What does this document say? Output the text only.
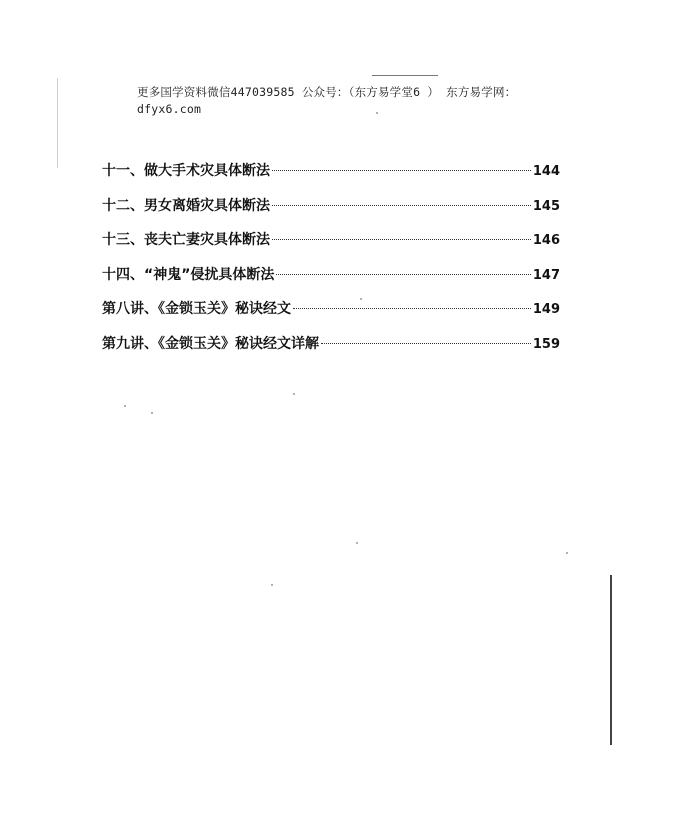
更多国学资料微信447039585 公众号：（东方易学堂6 ） 东方易学网：
dfyx6.com
十一、做大手术灾具体断法	144
十二、男女离婚灾具体断法	145
十三、丧夫亡妻灾具体断法	146
十四、“神鬼”侵扰具体断法	147
第八讲、《金锁玉关》秘诀经文	149
第九讲、《金锁玉关》秘诀经文详解	159
